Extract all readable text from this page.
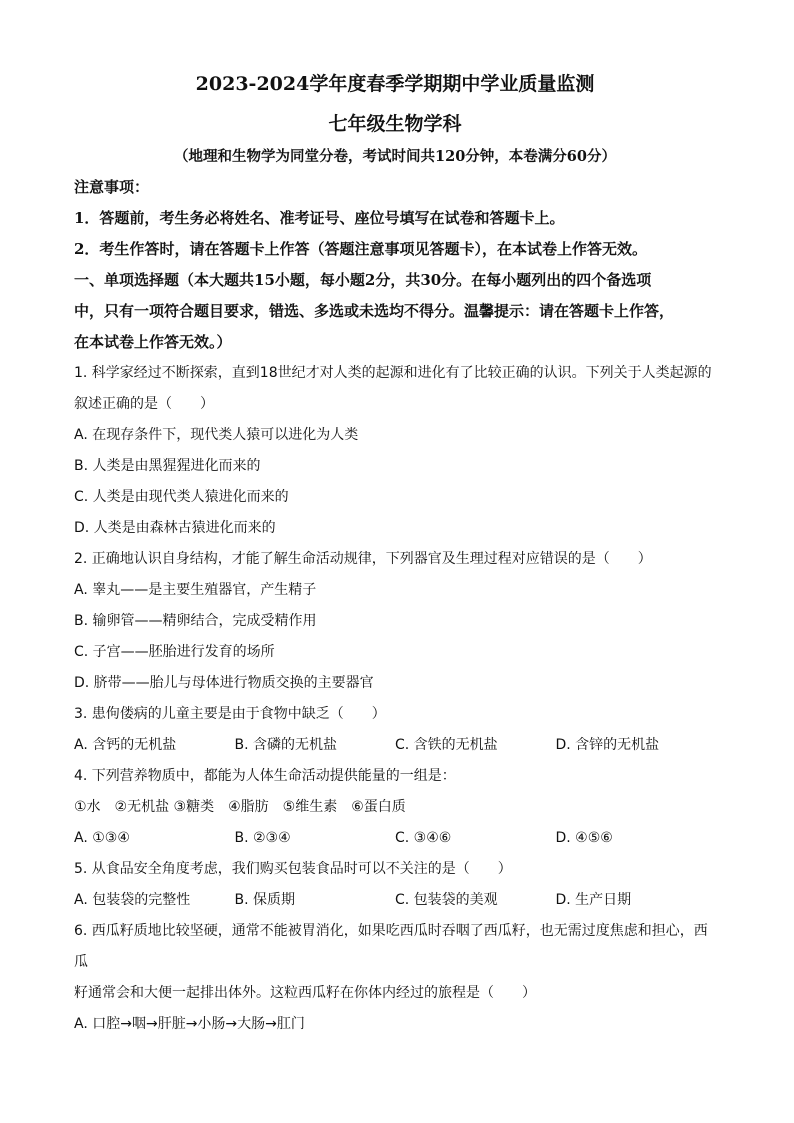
2023-2024学年度春季学期期中学业质量监测
七年级生物学科
（地理和生物学为同堂分卷，考试时间共120分钟，本卷满分60分）
注意事项：
1．答题前，考生务必将姓名、准考证号、座位号填写在试卷和答题卡上。
2．考生作答时，请在答题卡上作答（答题注意事项见答题卡），在本试卷上作答无效。
一、单项选择题（本大题共15小题，每小题2分，共30分。在每小题列出的四个备选项
中，只有一项符合题目要求，错选、多选或未选均不得分。温馨提示：请在答题卡上作答，
在本试卷上作答无效。）
1. 科学家经过不断探索，直到18世纪才对人类的起源和进化有了比较正确的认识。下列关于人类起源的
叙述正确的是（　　）
A. 在现存条件下，现代类人猿可以进化为人类
B. 人类是由黑猩猩进化而来的
C. 人类是由现代类人猿进化而来的
D. 人类是由森林古猿进化而来的
2. 正确地认识自身结构，才能了解生命活动规律，下列器官及生理过程对应错误的是（　　）
A. 睾丸——是主要生殖器官，产生精子
B. 输卵管——精卵结合，完成受精作用
C. 子宫——胚胎进行发育的场所
D. 脐带——胎儿与母体进行物质交换的主要器官
3. 患佝偻病的儿童主要是由于食物中缺乏（　　）
A. 含钙的无机盐	B. 含磷的无机盐	C. 含铁的无机盐	D. 含锌的无机盐
4. 下列营养物质中，都能为人体生命活动提供能量的一组是：
①水　②无机盐 ③糖类　④脂肪　⑤维生素　⑥蛋白质
A. ①③④	B. ②③④	C. ③④⑥	D. ④⑤⑥
5. 从食品安全角度考虑，我们购买包装食品时可以不关注的是（　　）
A. 包装袋的完整性	B. 保质期	C. 包装袋的美观	D. 生产日期
6. 西瓜籽质地比较坚硬，通常不能被胃消化，如果吃西瓜时吞咽了西瓜籽，也无需过度焦虑和担心，西瓜
籽通常会和大便一起排出体外。这粒西瓜籽在你体内经过的旅程是（　　）
A. 口腔→咽→肝脏→小肠→大肠→肛门
